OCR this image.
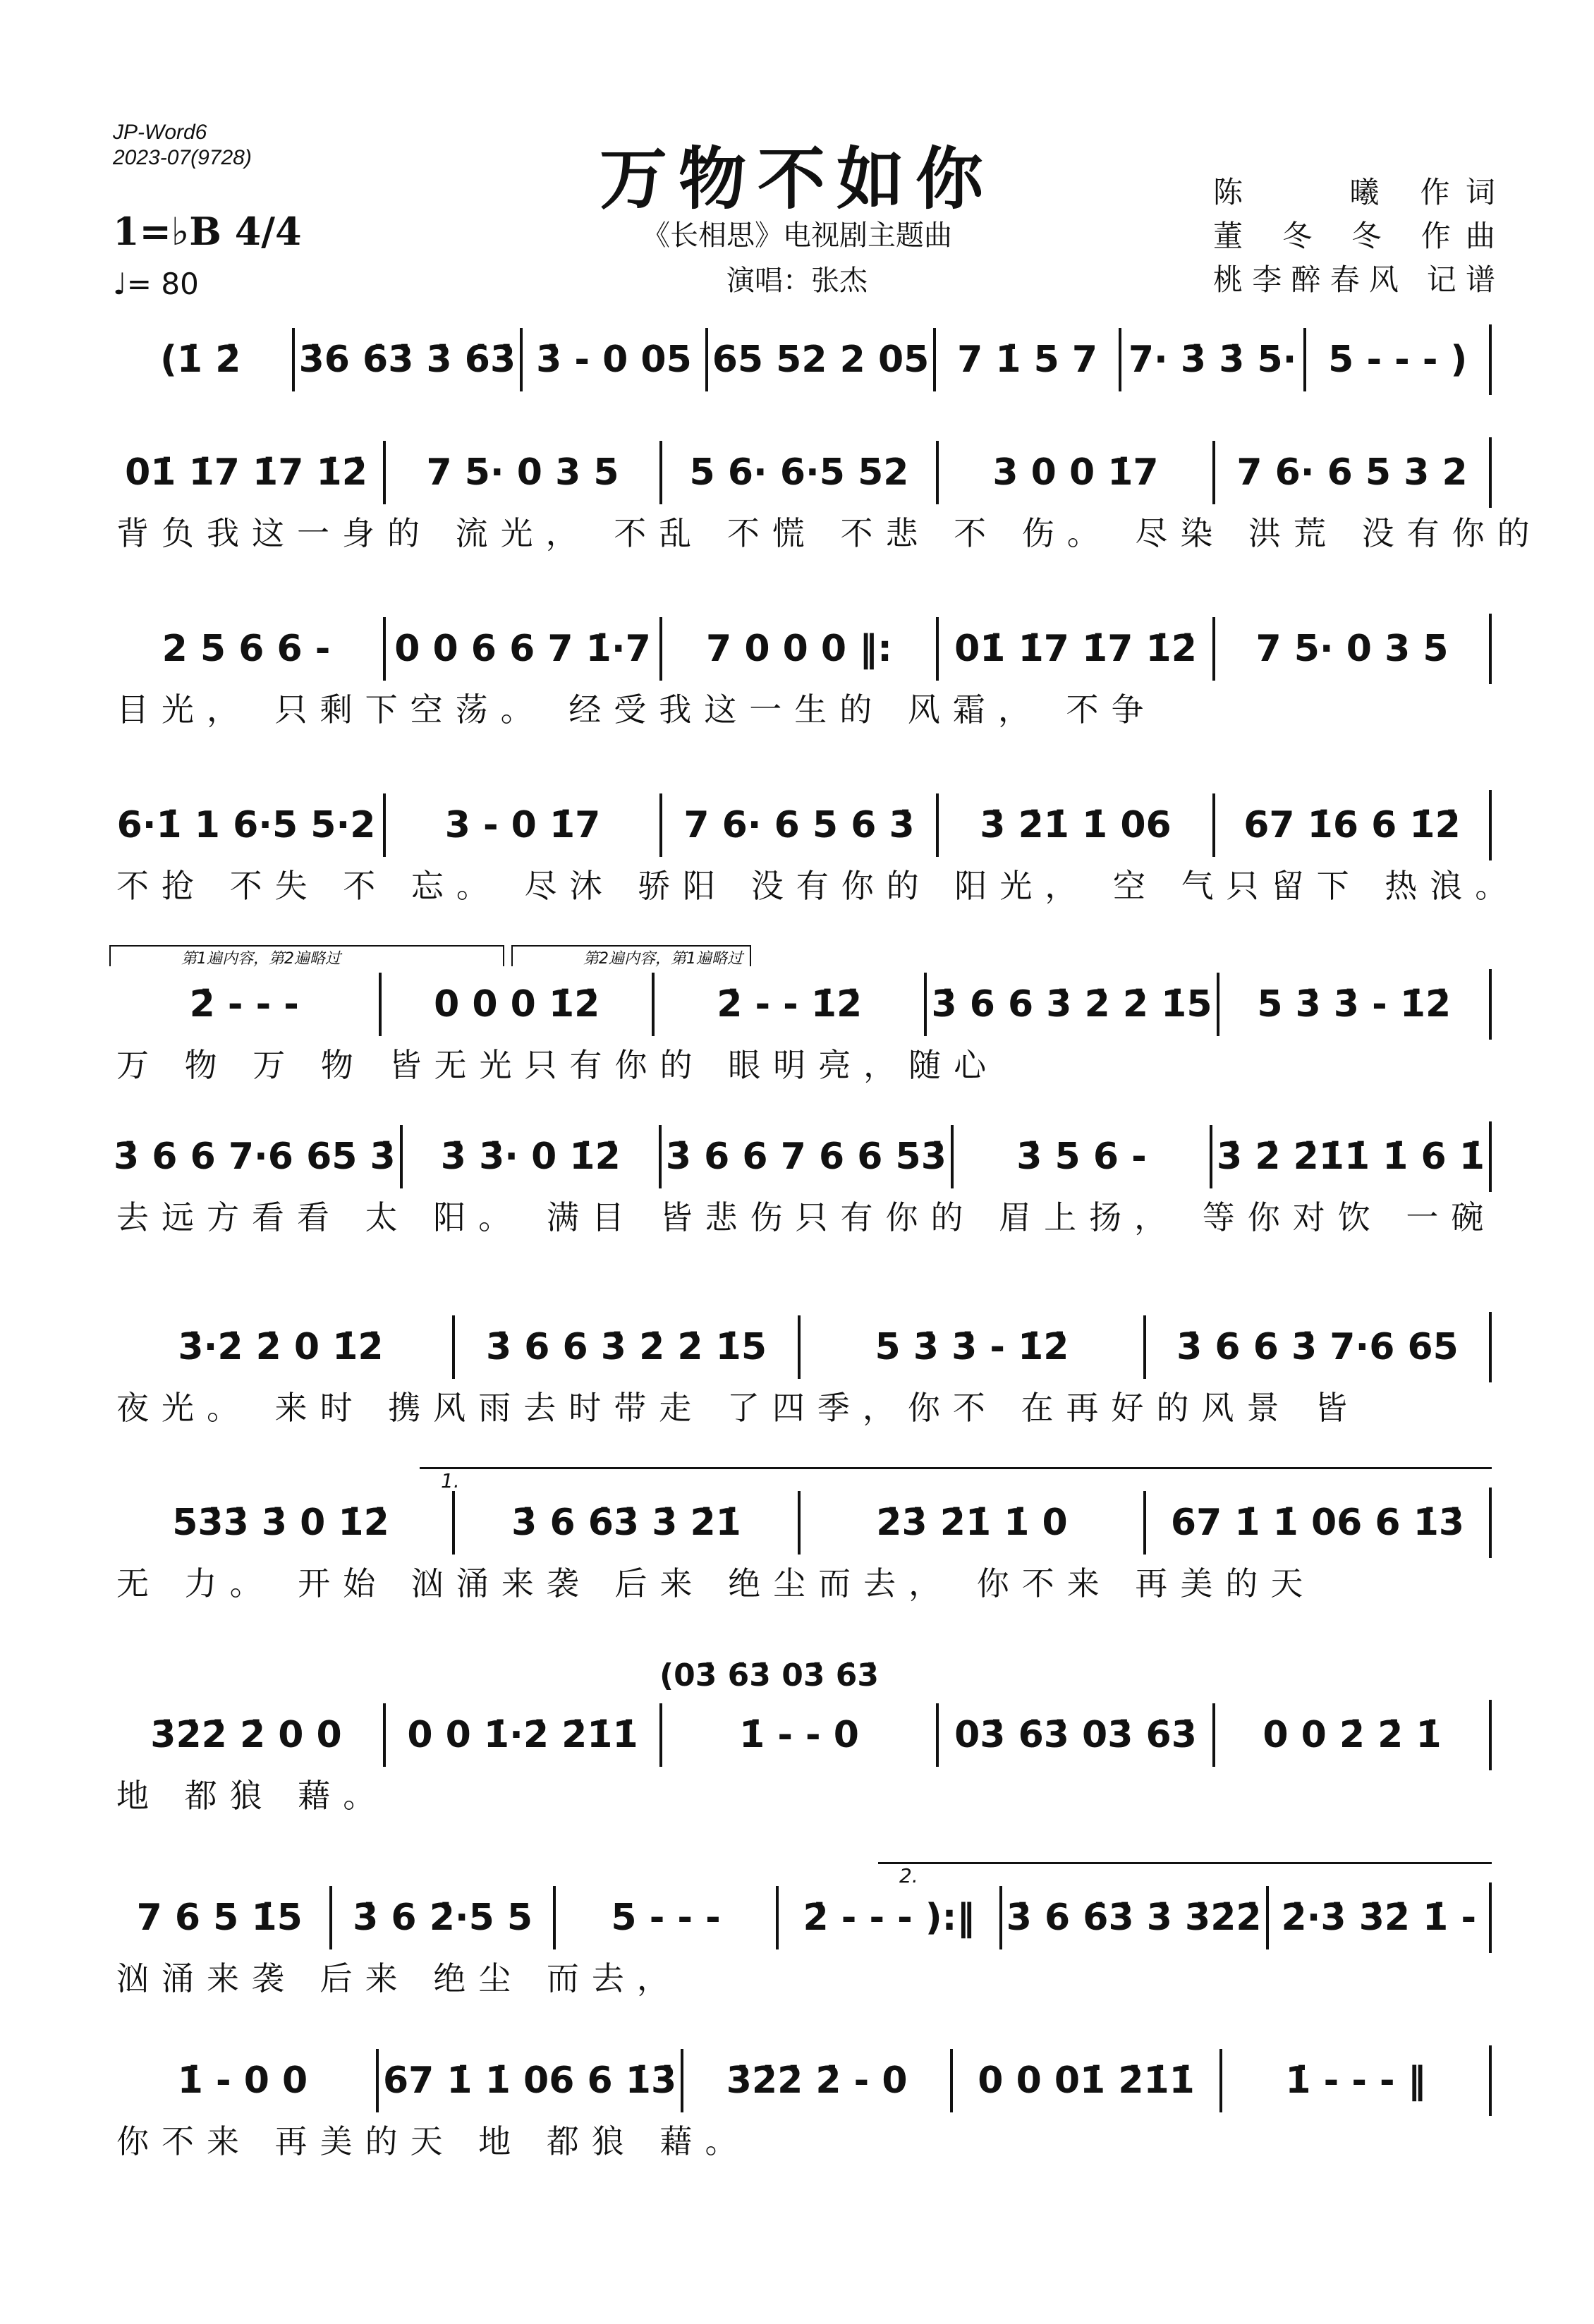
JP-Word6
2023-07(9728)	万物不如你
《长相思》电视剧主题曲
演唱：张杰
1=♭B 4/4
♩= 80
陈　　曦 作词
董 冬 冬 作曲
桃李醉春风 记谱
(1̇ 2̇	3̇6 6̇3̇ 3̇ 6̇3̇ 3̇ - 0 05 65 52 2 05 7 1̇ 5 7 7· 3̇ 3̇ 5· 5 - - - )
01̇ 1̇7 1̇7 1̇2̇	7 5· 0 3 5	5 6· 6·5 52	3 0 0 1̇7	7 6· 6 5 3 2
背负我这一身的 流光， 不乱 不慌 不悲 不 伤。 尽染 洪荒 没有你的
2 5 6 6 -	0 0 6 6 7 1̇·7	7 0 0 0 ‖:	01̇ 1̇7 1̇7 1̇2̇	7 5· 0 3 5
目光， 只剩下空荡。 经受我这一生的 风霜， 不争
6·1̇ 1 6·5 5·2	3 - 0 1̇7	7 6· 6 5 6 3̇	3̇ 2̇1̇ 1̇ 06	67 1̇6 6 1̇2̇
不抢 不失 不 忘。 尽沐 骄阳 没有你的 阳光， 空 气只留下 热浪。
第1遍内容，第2遍略过	第2遍内容，第1遍略过
2̇ - - -	0 0 0 1̇2̇	2̇ - - 1̇2̇	3̇ 6 6 3̇ 2̇ 2̇ 1̇5	5 3̇ 3̇ - 1̇2̇
万 物 万 物 皆无光只有你的 眼明亮，随心
3̇ 6 6 7·6 65 3̇	3̇ 3̇· 0 1̇2̇	3̇ 6 6 7 6 6 53̇	3̇ 5 6 -	3̇ 2̇ 2̇1̇1̇ 1̇ 6 1̇
去远方看看 太 阳。 满目 皆悲伤只有你的 眉上扬， 等你对饮 一碗
3̇·2̇ 2̇ 0 1̇2̇	3̇ 6 6 3̇ 2̇ 2̇ 1̇5	5 3̇ 3̇ - 1̇2̇	3̇ 6 6 3̇ 7·6 65
夜光。 来时 携风雨去时带走 了四季，你不 在再好的风景 皆
1.
53̇3̇ 3̇ 0 1̇2̇	3̇ 6 6̇3̇ 3̇ 2̇1̇	2̇3̇ 2̇1̇ 1̇ 0	67 1̇ 1̇ 06 6 1̇3̇
无 力。 开始 汹涌来袭 后来 绝尘而去， 你不来 再美的天
(03̇ 6̇3̇ 03̇ 6̇3̇
3̇2̇2̇ 2̇ 0 0	0 0 1̇·2̇ 2̇1̇1̇	1̇ - - 0	03̇ 6̇3̇ 03̇ 6̇3̇	0 0 2̇ 2̇ 1̇
地 都狼 藉。
2.
7 6 5 1̇5	3̇ 6 2̇·5 5	5 - - -	2̇ - - - ):‖ 3̇ 6 6̇3̇ 3̇ 3̇2̇2̇ 2̇·3̇ 3̇2̇ 1̇ -
汹涌来袭 后来 绝尘 而去，
1̇ - 0 0	67 1̇ 1̇ 06 6 1̇3̇	3̇2̇2̇ 2̇ - 0	0 0 01̇ 2̇1̇1̇	1̇ - - - ‖
你不来 再美的天 地 都狼 藉。
